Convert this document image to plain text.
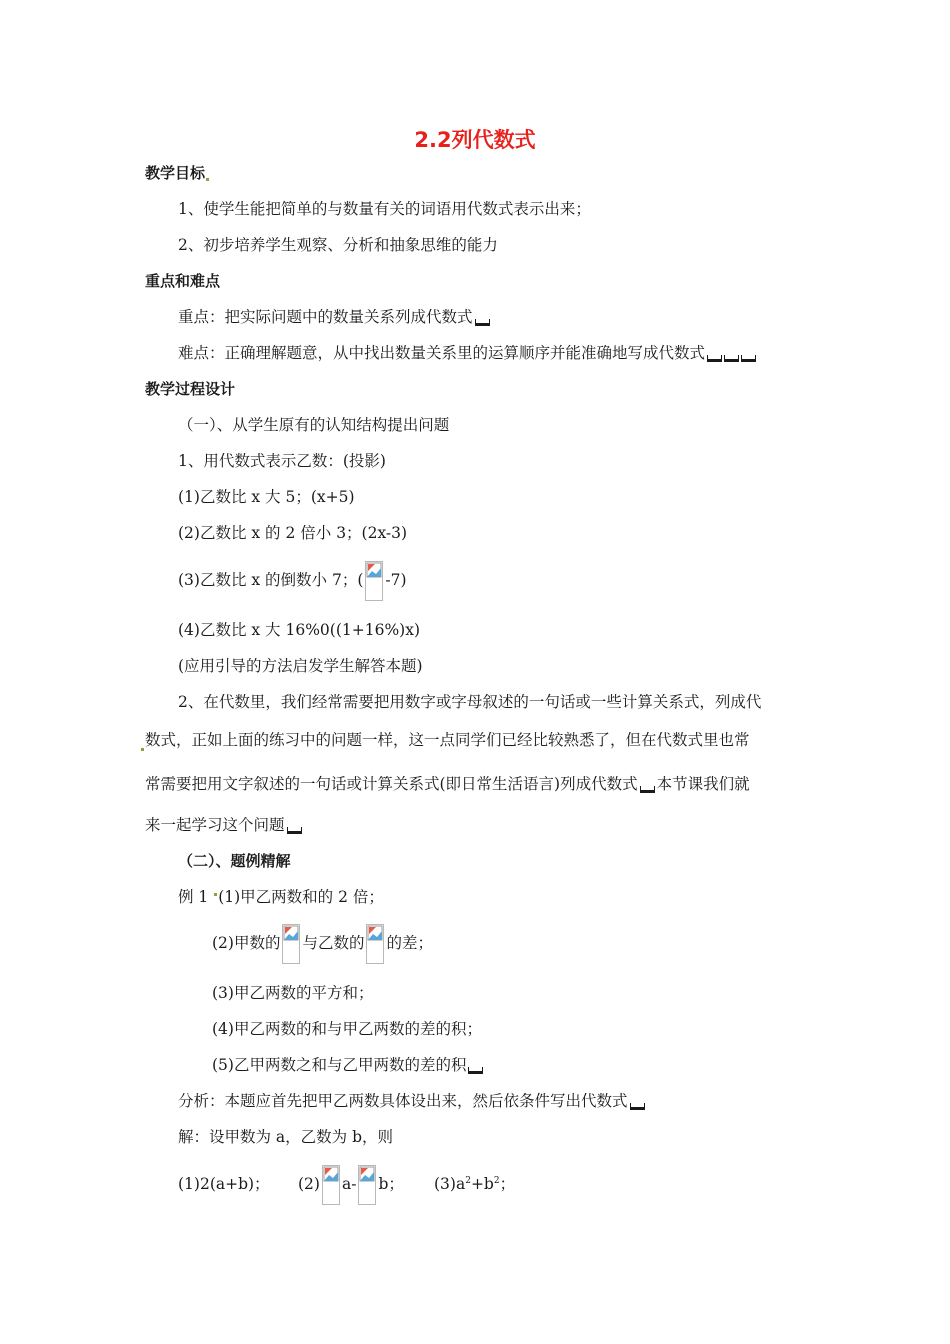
2.2列代数式
教学目标
1、使学生能把简单的与数量有关的词语用代数式表示出来；
2、初步培养学生观察、分析和抽象思维的能力
重点和难点
重点：把实际问题中的数量关系列成代数式
难点：正确理解题意，从中找出数量关系里的运算顺序并能准确地写成代数式
教学过程设计
（一）、从学生原有的认知结构提出问题
1、用代数式表示乙数：(投影)
(1)乙数比 x 大 5；(x+5)
(2)乙数比 x 的 2 倍小 3；(2x-3)
(3)乙数比 x 的倒数小 7；( -7)
(4)乙数比 x 大 16%0((1+16%)x)
(应用引导的方法启发学生解答本题)
2、在代数里，我们经常需要把用数字或字母叙述的一句话或一些计算关系式，列成代
数式，正如上面的练习中的问题一样，这一点同学们已经比较熟悉了，但在代数式里也常
常需要把用文字叙述的一句话或计算关系式(即日常生活语言)列成代数式 本节课我们就
来一起学习这个问题
（二）、题例精解
例 1 (1)甲乙两数和的 2 倍；
(2)甲数的 与乙数的 的差；
(3)甲乙两数的平方和；
(4)甲乙两数的和与甲乙两数的差的积；
(5)乙甲两数之和与乙甲两数的差的积
分析：本题应首先把甲乙两数具体设出来，然后依条件写出代数式
解：设甲数为 a，乙数为 b，则
(1)2(a+b)； (2) a- b； $(3)a^2+b^2$；
